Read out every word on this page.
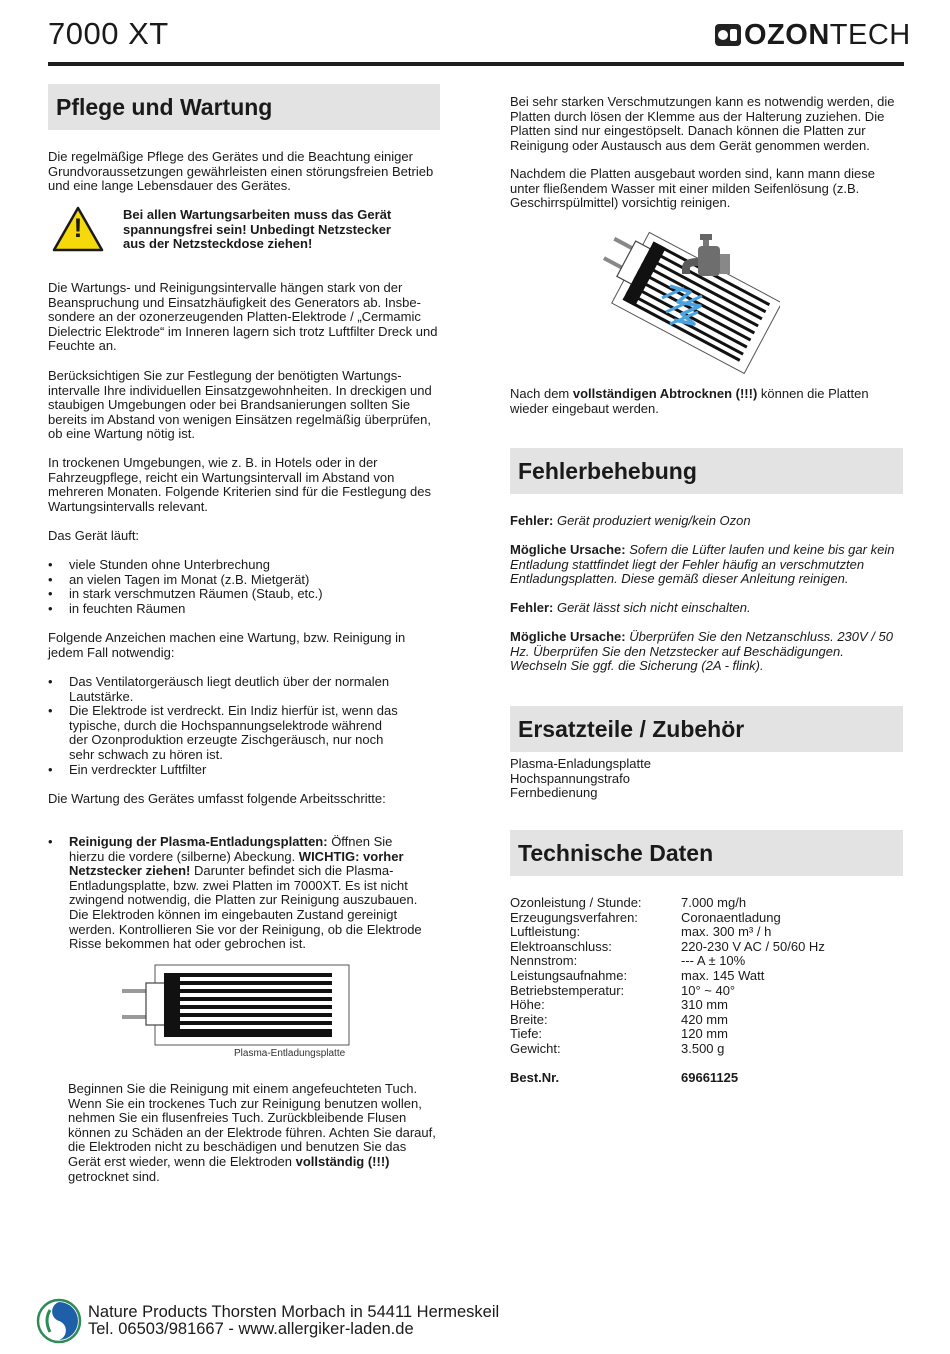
7000 XT	OZON TECH
Pflege und Wartung

Die regelmäßige Pflege des Gerätes und die Beachtung einiger Grundvoraussetzungen gewährleisten einen störungsfreien Betrieb und eine lange Lebensdauer des Gerätes.

!	Bei allen Wartungsarbeiten muss das Gerät spannungsfrei sein! Unbedingt Netzstecker aus der Netzsteckdose ziehen!

Die Wartungs- und Reinigungsintervalle hängen stark von der Beanspruchung und Einsatzhäufigkeit des Generators ab. Insbe-sondere an der ozonerzeugenden Platten-Elektrode / „Cermamic Dielectric Elektrode“ im Inneren lagern sich trotz Luftfilter Dreck und Feuchte an.

Berücksichtigen Sie zur Festlegung der benötigten Wartungs-intervalle Ihre individuellen Einsatzgewohnheiten. In dreckigen und staubigen Umgebungen oder bei Brandsanierungen sollten Sie bereits im Abstand von wenigen Einsätzen regelmäßig überprüfen, ob eine Wartung nötig ist.

In trockenen Umgebungen, wie z. B. in Hotels oder in der Fahrzeugpflege, reicht ein Wartungsintervall im Abstand von mehreren Monaten. Folgende Kriterien sind für die Festlegung des Wartungsintervalls relevant.

Das Gerät läuft:

• viele Stunden ohne Unterbrechung
• an vielen Tagen im Monat (z.B. Mietgerät)
• in stark verschmutzen Räumen (Staub, etc.)
• in feuchten Räumen

Folgende Anzeichen machen eine Wartung, bzw. Reinigung in jedem Fall notwendig:

• Das Ventilatorgeräusch liegt deutlich über der normalen Lautstärke.
• Die Elektrode ist verdreckt. Ein Indiz hierfür ist, wenn das typische, durch die Hochspannungselektrode während der Ozonproduktion erzeugte Zischgeräusch, nur noch sehr schwach zu hören ist.
• Ein verdreckter Luftfilter

Die Wartung des Gerätes umfasst folgende Arbeitsschritte:

• Reinigung der Plasma-Entladungsplatten: Öffnen Sie hierzu die vordere (silberne) Abeckung. WICHTIG: vorher Netzstecker ziehen! Darunter befindet sich die Plasma-Entladungsplatte, bzw. zwei Platten im 7000XT. Es ist nicht zwingend notwendig, die Platten zur Reinigung auszubauen. Die Elektroden können im eingebauten Zustand gereinigt werden. Kontrollieren Sie vor der Reinigung, ob die Elektrode Risse bekommen hat oder gebrochen ist.
Plasma-Entladungsplatte

Beginnen Sie die Reinigung mit einem angefeuchteten Tuch. Wenn Sie ein trockenes Tuch zur Reinigung benutzen wollen, nehmen Sie ein flusenfreies Tuch. Zurückbleibende Flusen können zu Schäden an der Elektrode führen. Achten Sie darauf, die Elektroden nicht zu beschädigen und benutzen Sie das Gerät erst wieder, wenn die Elektroden vollständig (!!!) getrocknet sind.

Bei sehr starken Verschmutzungen kann es notwendig werden, die Platten durch lösen der Klemme aus der Halterung zuziehen. Die Platten sind nur eingestöpselt. Danach können die Platten zur Reinigung oder Austausch aus dem Gerät genommen werden.

Nachdem die Platten ausgebaut worden sind, kann mann diese unter fließendem Wasser mit einer milden Seifenlösung (z.B. Geschirrspülmittel) vorsichtig reinigen.

Nach dem vollständigen Abtrocknen (!!!) können die Platten wieder eingebaut werden.

Fehlerbehebung

Fehler: Gerät produziert wenig/kein Ozon

Mögliche Ursache: Sofern die Lüfter laufen und keine bis gar kein Entladung stattfindet liegt der Fehler häufig an verschmutzten Entladungsplatten. Diese gemäß dieser Anleitung reinigen.

Fehler: Gerät lässt sich nicht einschalten.

Mögliche Ursache: Überprüfen Sie den Netzanschluss. 230V / 50 Hz. Überprüfen Sie den Netzstecker auf Beschädigungen. Wechseln Sie ggf. die Sicherung (2A - flink).

Ersatzteile / Zubehör
Plasma-Enladungsplatte
Hochspannungstrafo
Fernbedienung
Technische Daten
Ozonleistung / Stunde:	7.000 mg/h
Erzeugungsverfahren:	Coronaentladung
Luftleistung:	max. 300 m³ / h
Elektroanschluss:	220-230 V AC / 50/60 Hz
Nennstrom:	--- A ± 10%
Leistungsaufnahme:	max. 145 Watt
Betriebstemperatur:	10° ~ 40°
Höhe:	310 mm
Breite:	420 mm
Tiefe:	120 mm
Gewicht:	3.500 g
Best.Nr.	69661125
Nature Products Thorsten Morbach in 54411 Hermeskeil
Tel. 06503/981667 - www.allergiker-laden.de
